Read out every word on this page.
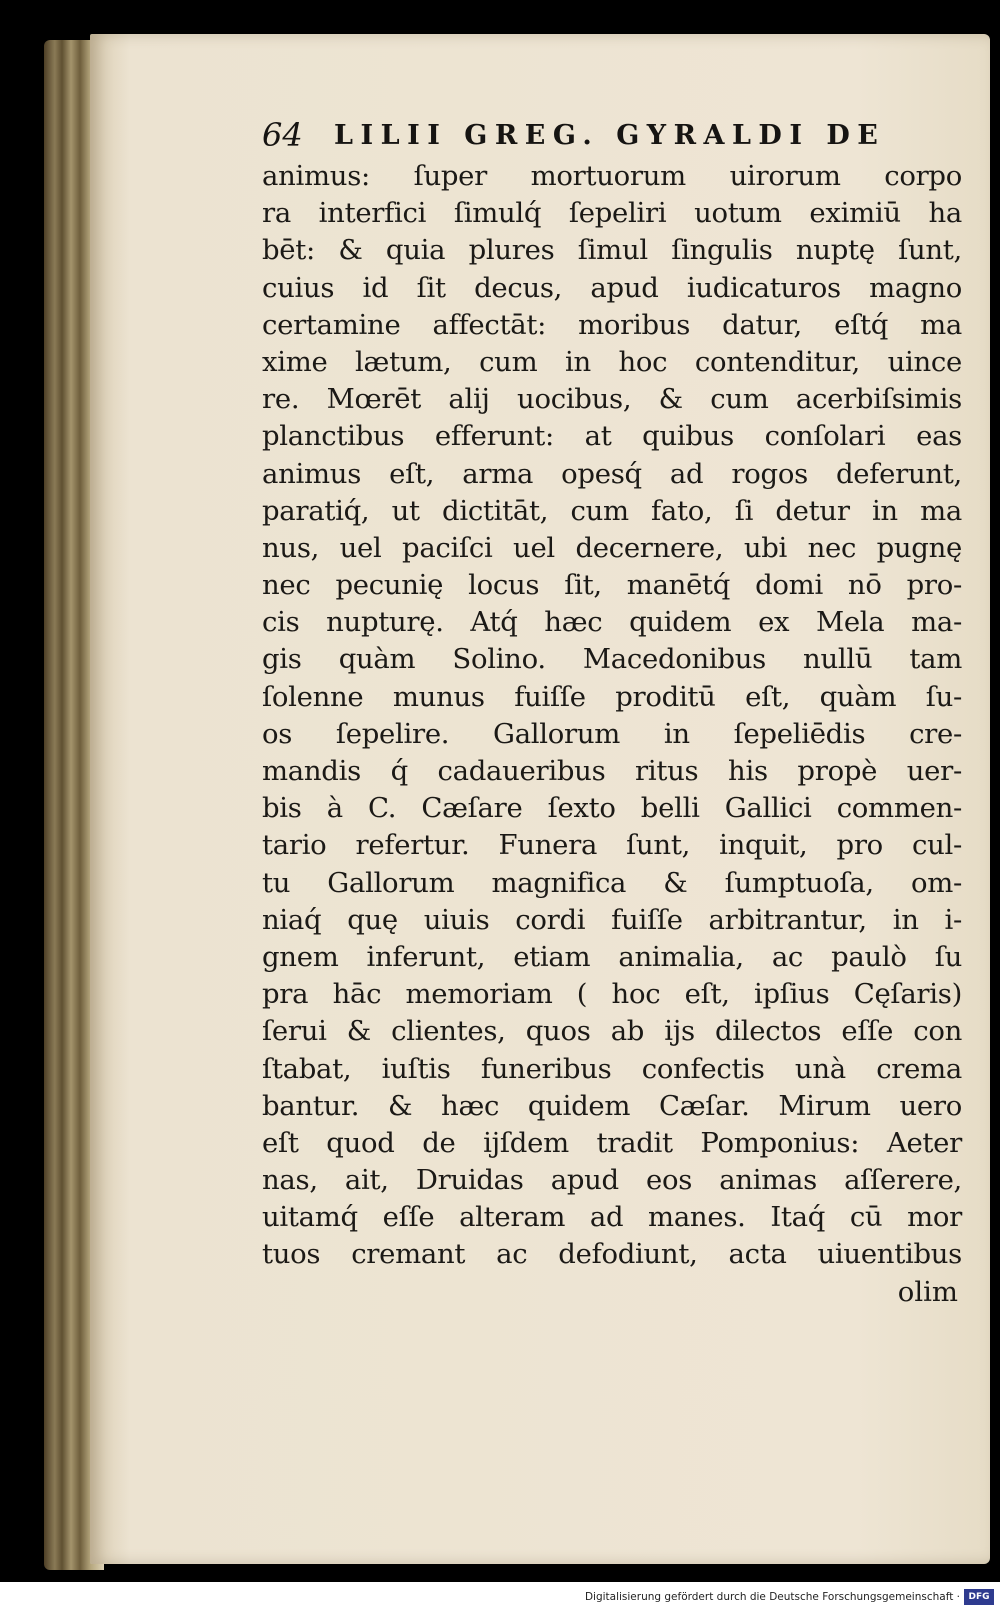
64 LILII GREG. GYRALDI DE
animus: ſuper mortuorum uirorum corpo
ra interfici ſimulq́ ſepeliri uotum eximiū ha
bēt: & quia plures ſimul ſingulis nuptę ſunt,
cuius id ſit decus, apud iudicaturos magno
certamine affectāt: moribus datur, eſtq́ ma
xime lætum, cum in hoc contenditur, uince
re. Mœrēt alij uocibus, & cum acerbiſsimis
planctibus efferunt: at quibus conſolari eas
animus eſt, arma opesq́ ad rogos deferunt,
paratiq́, ut dictitāt, cum fato, ſi detur in ma
nus, uel paciſci uel decernere, ubi nec pugnę
nec pecunię locus ſit, manētq́ domi nō pro-
cis nupturę. Atq́ hæc quidem ex Mela ma-
gis quàm Solino. Macedonibus nullū tam
ſolenne munus fuiſſe proditū eſt, quàm ſu-
os ſepelire. Gallorum in ſepeliēdis cre-
mandis q́ cadaueribus ritus his propè uer-
bis à C. Cæſare ſexto belli Gallici commen-
tario refertur. Funera ſunt, inquit, pro cul-
tu Gallorum magnifica & ſumptuoſa, om-
niaq́ quę uiuis cordi fuiſſe arbitrantur, in i-
gnem inferunt, etiam animalia, ac paulò ſu
pra hāc memoriam ( hoc eſt, ipſius Cęſaris)
ſerui & clientes, quos ab ijs dilectos eſſe con
ſtabat, iuſtis funeribus confectis unà crema
bantur. & hæc quidem Cæſar. Mirum uero
eſt quod de ijſdem tradit Pomponius: Aeter
nas, ait, Druidas apud eos animas aſſerere,
uitamq́ eſſe alteram ad manes. Itaq́ cū mor
tuos cremant ac defodiunt, acta uiuentibus
olim
Digitalisierung gefördert durch die Deutsche Forschungsgemeinschaft · DFG
